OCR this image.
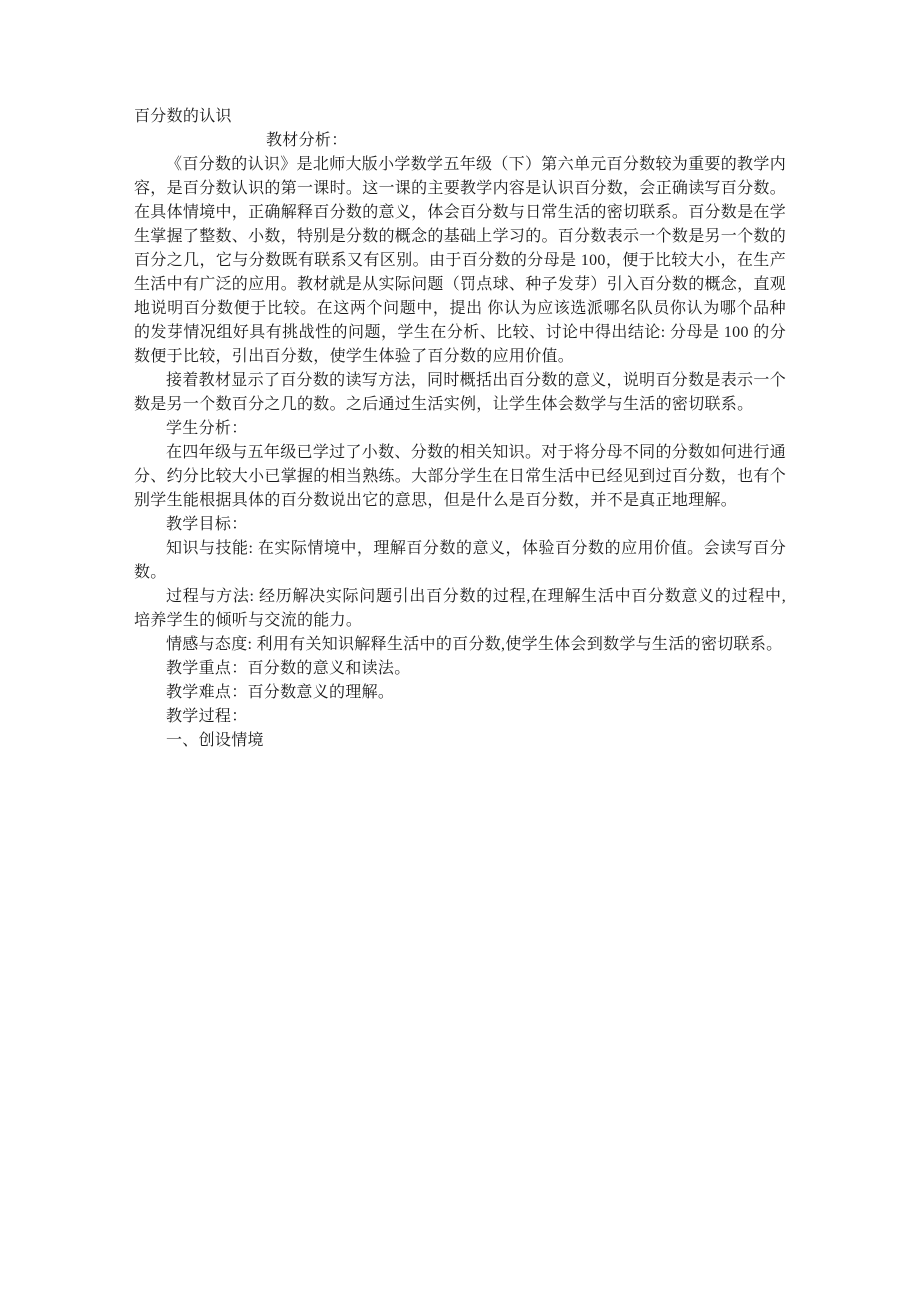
百分数的认识

教材分析：

《百分数的认识》是北师大版小学数学五年级（下）第六单元百分数较为重要的教学内容，是百分数认识的第一课时。这一课的主要教学内容是认识百分数，会正确读写百分数。在具体情境中，正确解释百分数的意义，体会百分数与日常生活的密切联系。百分数是在学生掌握了整数、小数，特别是分数的概念的基础上学习的。百分数表示一个数是另一个数的百分之几，它与分数既有联系又有区别。由于百分数的分母是 100，便于比较大小，在生产生活中有广泛的应用。教材就是从实际问题（罚点球、种子发芽）引入百分数的概念，直观地说明百分数便于比较。在这两个问题中，提出 你认为应该选派哪名队员你认为哪个品种的发芽情况组好具有挑战性的问题，学生在分析、比较、讨论中得出结论: 分母是 100 的分数便于比较，引出百分数，使学生体验了百分数的应用价值。

接着教材显示了百分数的读写方法，同时概括出百分数的意义，说明百分数是表示一个数是另一个数百分之几的数。之后通过生活实例，让学生体会数学与生活的密切联系。

学生分析：

在四年级与五年级已学过了小数、分数的相关知识。对于将分母不同的分数如何进行通分、约分比较大小已掌握的相当熟练。大部分学生在日常生活中已经见到过百分数，也有个别学生能根据具体的百分数说出它的意思，但是什么是百分数，并不是真正地理解。

教学目标：

知识与技能: 在实际情境中，理解百分数的意义，体验百分数的应用价值。会读写百分数。

过程与方法: 经历解决实际问题引出百分数的过程,在理解生活中百分数意义的过程中,培养学生的倾听与交流的能力。

情感与态度: 利用有关知识解释生活中的百分数,使学生体会到数学与生活的密切联系。

教学重点：百分数的意义和读法。

教学难点：百分数意义的理解。

教学过程：

一、创设情境
